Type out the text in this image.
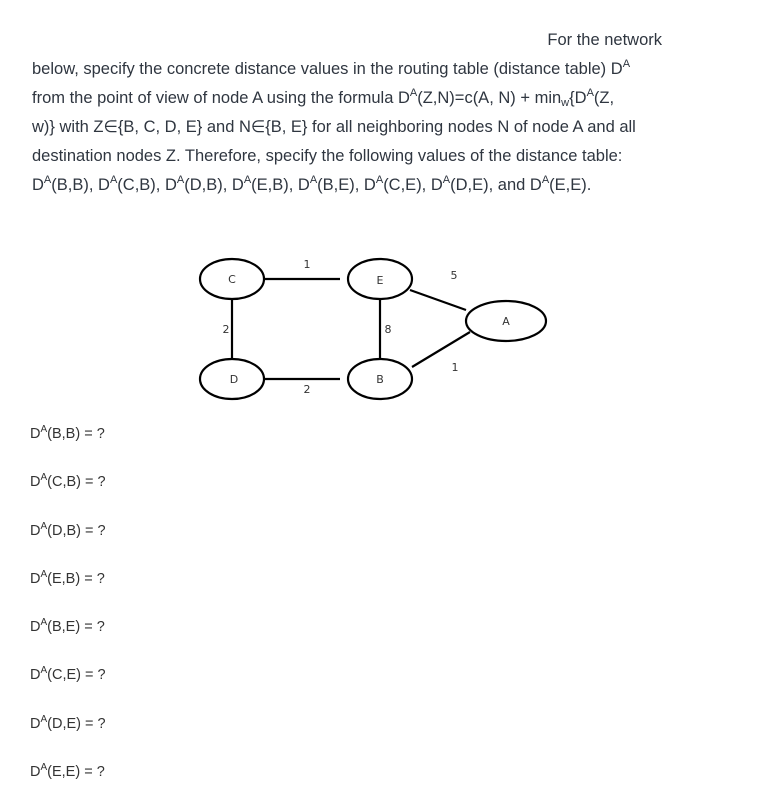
For the network
below, specify the concrete distance values in the routing table (distance table) $D^A$
from the point of view of node A using the formula $D^A(Z,N)=c(A$, $N) + \min_w\{D^A(Z$,
w)} with Z∈{B, C, D, E} and N∈{B, E} for all neighboring nodes N of node A and all
destination nodes Z. Therefore, specify the following values of the distance table:
$D^A(B,B)$, $D^A(C,B)$, $D^A(D,B)$, $D^A(E,B)$, $D^A(B,E)$, $D^A(C,E)$, $D^A(D,E)$, and $D^A(E,E)$.
1
2	8
2
5
1
C	E
A
D	B
$D^A(B,B)$ = ?
$D^A(C,B)$ = ?
$D^A(D,B)$ = ?
$D^A(E,B)$ = ?
$D^A(B,E)$ = ?
$D^A(C,E)$ = ?
$D^A(D,E)$ = ?
$D^A(E,E)$ = ?
